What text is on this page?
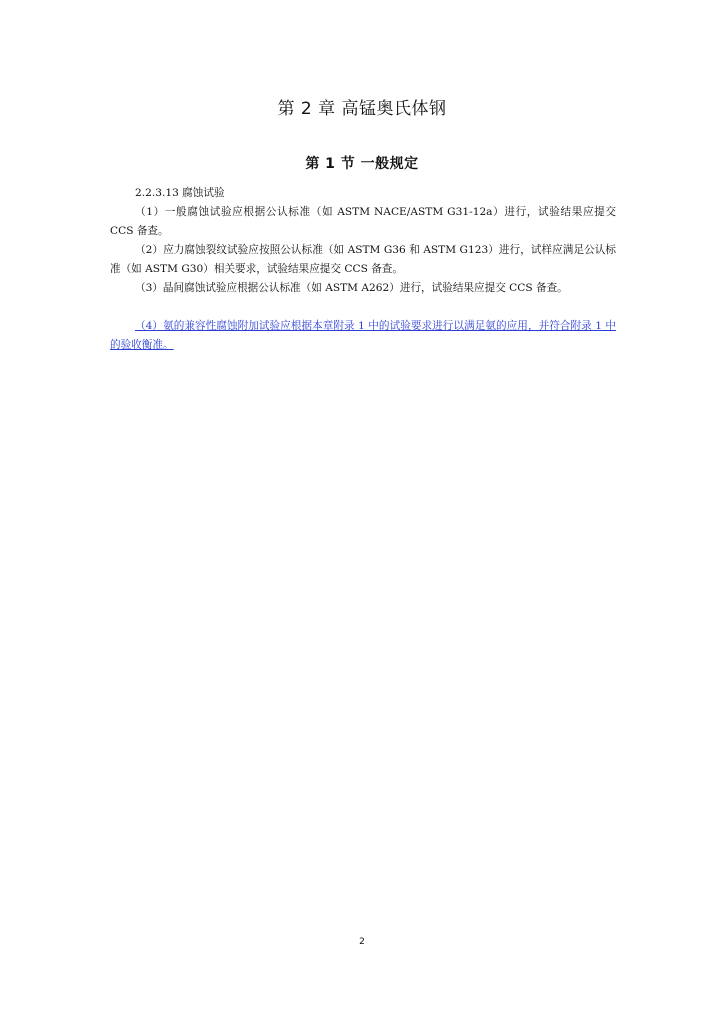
第 2 章 高锰奥氏体钢
第 1 节 一般规定
2.2.3.13 腐蚀试验

（1）一般腐蚀试验应根据公认标准（如 ASTM NACE/ASTM G31-12a）进行，试验结果应提交 CCS 备查。

（2）应力腐蚀裂纹试验应按照公认标准（如 ASTM G36 和 ASTM G123）进行，试样应满足公认标准（如 ASTM G30）相关要求，试验结果应提交 CCS 备查。

（3）晶间腐蚀试验应根据公认标准（如 ASTM A262）进行，试验结果应提交 CCS 备查。

（4）氨的兼容性腐蚀附加试验应根据本章附录 1 中的试验要求进行以满足氨的应用，并符合附录 1 中的验收衡准。

2
